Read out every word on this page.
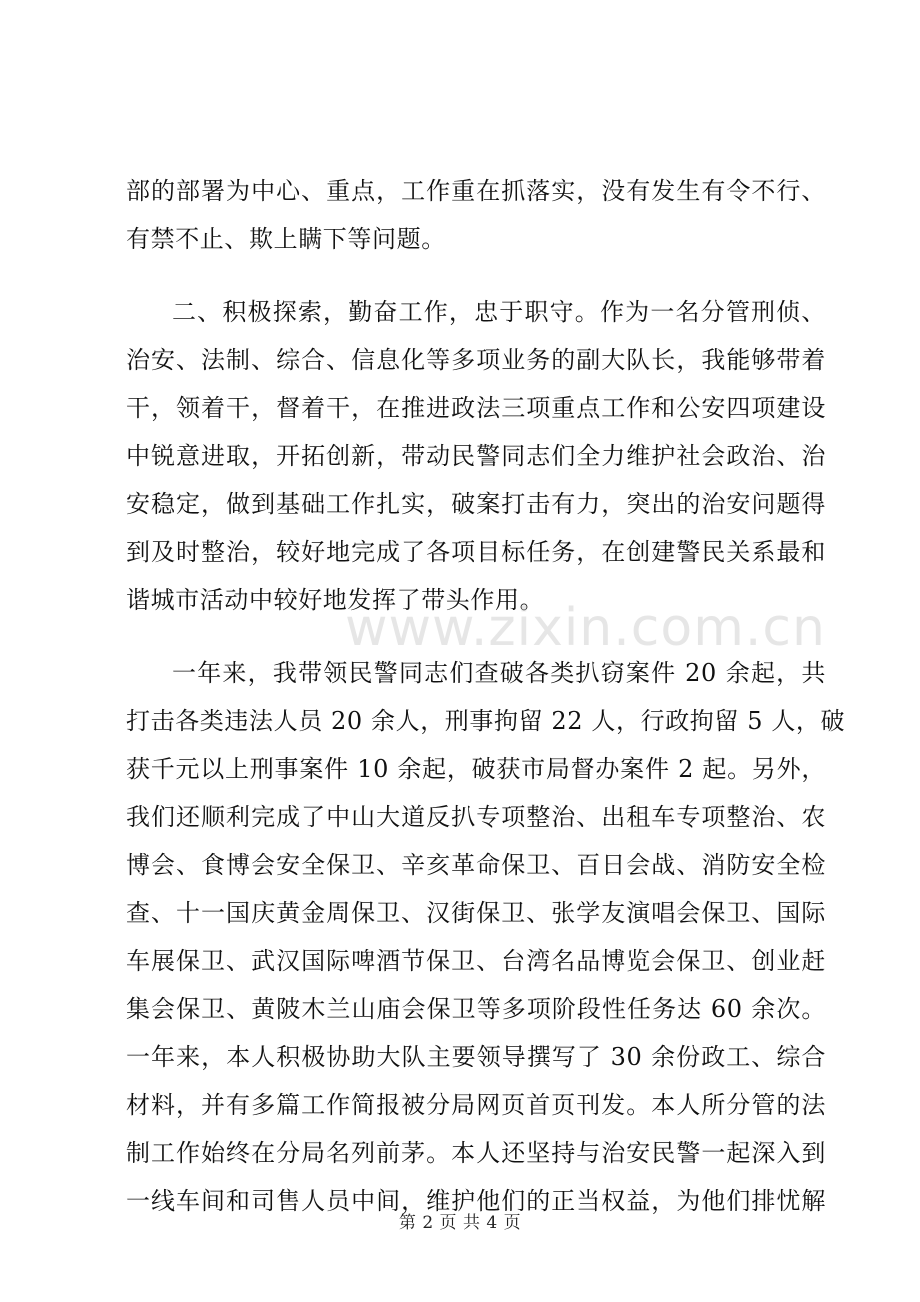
部的部署为中心、重点，工作重在抓落实，没有发生有令不行、
有禁不止、欺上瞒下等问题。
二、积极探索，勤奋工作，忠于职守。作为一名分管刑侦、
治安、法制、综合、信息化等多项业务的副大队长，我能够带着
干，领着干，督着干，在推进政法三项重点工作和公安四项建设
中锐意进取，开拓创新，带动民警同志们全力维护社会政治、治
安稳定，做到基础工作扎实，破案打击有力，突出的治安问题得
到及时整治，较好地完成了各项目标任务，在创建警民关系最和
谐城市活动中较好地发挥了带头作用。
一年来，我带领民警同志们查破各类扒窃案件 20 余起，共
打击各类违法人员 20 余人，刑事拘留 22 人，行政拘留 5 人，破
获千元以上刑事案件 10 余起，破获市局督办案件 2 起。另外，
我们还顺利完成了中山大道反扒专项整治、出租车专项整治、农
博会、食博会安全保卫、辛亥革命保卫、百日会战、消防安全检
查、十一国庆黄金周保卫、汉街保卫、张学友演唱会保卫、国际
车展保卫、武汉国际啤酒节保卫、台湾名品博览会保卫、创业赶
集会保卫、黄陂木兰山庙会保卫等多项阶段性任务达 60 余次。
一年来，本人积极协助大队主要领导撰写了 30 余份政工、综合
材料，并有多篇工作简报被分局网页首页刊发。本人所分管的法
制工作始终在分局名列前茅。本人还坚持与治安民警一起深入到
一线车间和司售人员中间，维护他们的正当权益，为他们排忧解
www.zixin.com.cn
第 2 页 共 4 页
